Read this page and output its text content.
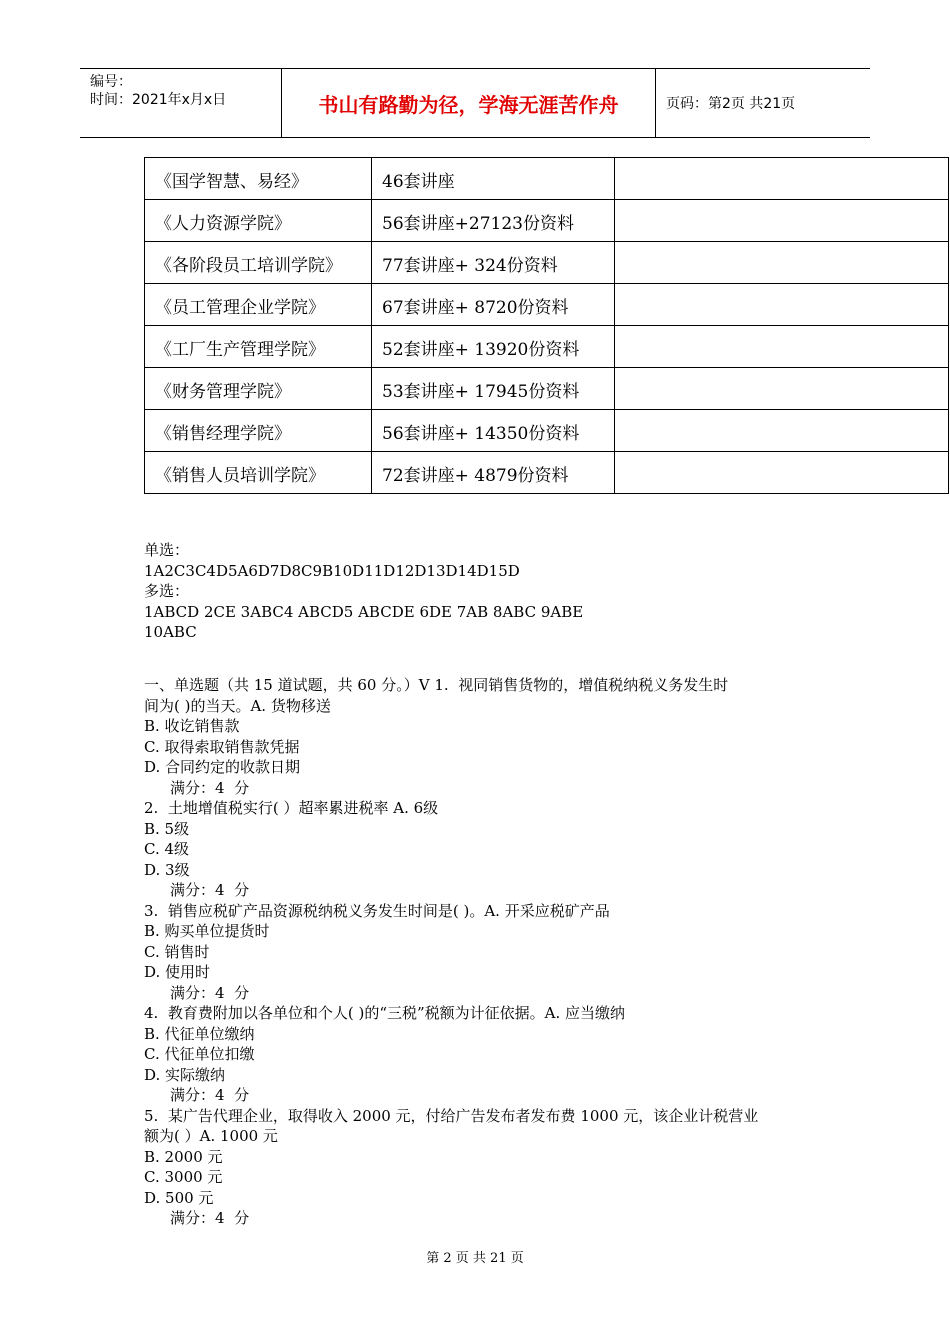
编号：
时间：2021年x月x日	书山有路勤为径，学海无涯苦作舟	页码：第2页 共21页
《国学智慧、易经》	46套讲座	
《人力资源学院》	56套讲座+27123份资料	
《各阶段员工培训学院》	77套讲座+ 324份资料	
《员工管理企业学院》	67套讲座+ 8720份资料	
《工厂生产管理学院》	52套讲座+ 13920份资料	
《财务管理学院》	53套讲座+ 17945份资料	
《销售经理学院》	56套讲座+ 14350份资料	
《销售人员培训学院》	72套讲座+ 4879份资料	
单选：
1A2C3C4D5A6D7D8C9B10D11D12D13D14D15D
多选：
1ABCD 2CE 3ABC4 ABCD5 ABCDE 6DE 7AB 8ABC 9ABE
10ABC
一、单选题（共 15 道试题，共 60 分。）V 1.  视同销售货物的，增值税纳税义务发生时
间为( )的当天。A. 货物移送
B. 收讫销售款
C. 取得索取销售款凭据
D. 合同约定的收款日期
满分：4  分
2.  土地增值税实行( ）超率累进税率 A. 6级
B. 5级
C. 4级
D. 3级
满分：4  分
3.  销售应税矿产品资源税纳税义务发生时间是( )。A. 开采应税矿产品
B. 购买单位提货时
C. 销售时
D. 使用时
满分：4  分
4.  教育费附加以各单位和个人( )的“三税”税额为计征依据。A. 应当缴纳
B. 代征单位缴纳
C. 代征单位扣缴
D. 实际缴纳
满分：4  分
5.  某广告代理企业，取得收入 2000 元，付给广告发布者发布费 1000 元，该企业计税营业
额为( ）A. 1000 元
B. 2000 元
C. 3000 元
D. 500 元
满分：4  分
第 2 页 共 21 页
